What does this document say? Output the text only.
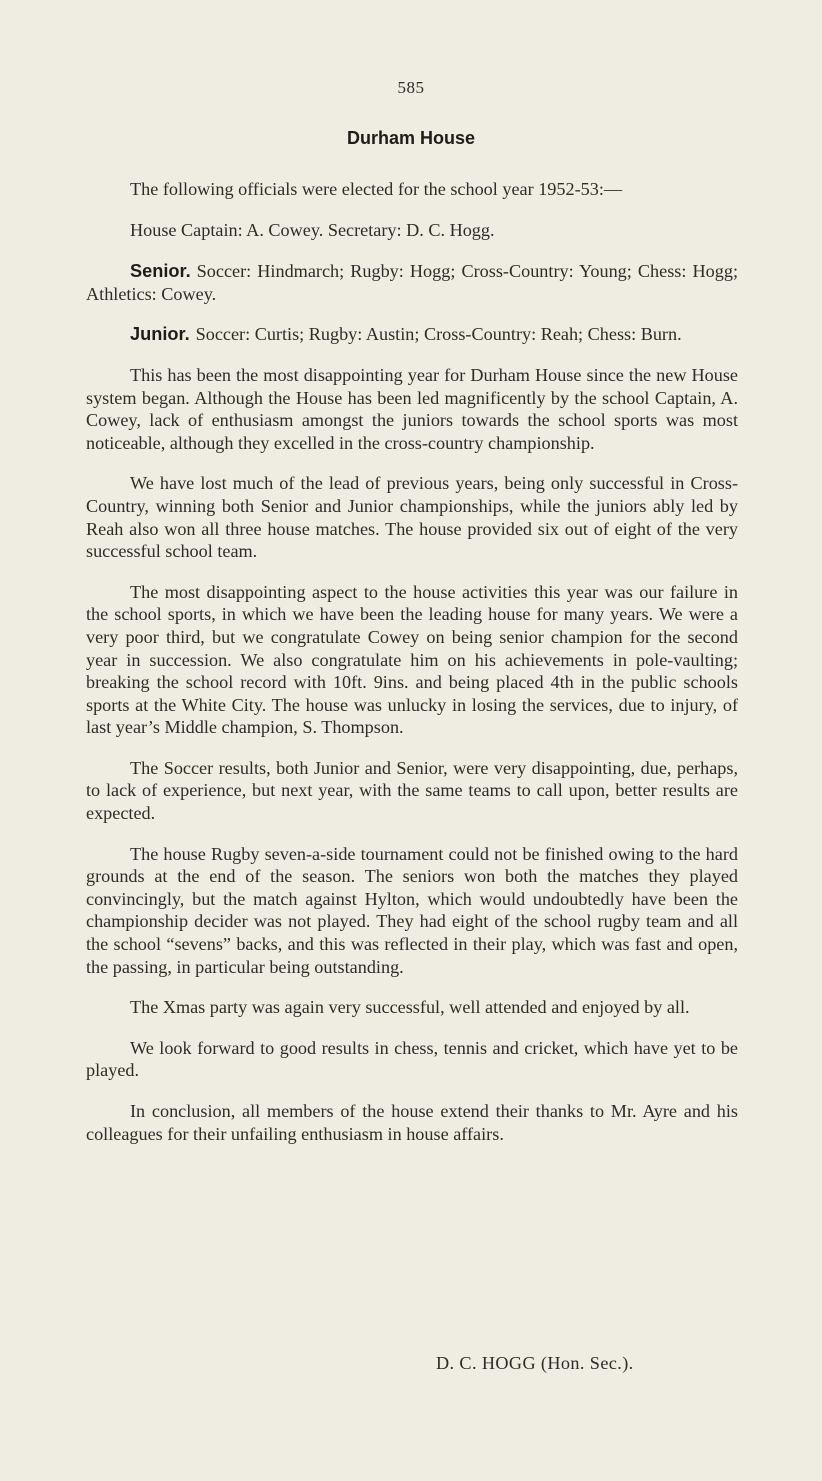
585
Durham House

The following officials were elected for the school year 1952-53:—

House Captain: A. Cowey. Secretary: D. C. Hogg.

Senior. Soccer: Hindmarch; Rugby: Hogg; Cross-Country: Young; Chess: Hogg; Athletics: Cowey.

Junior. Soccer: Curtis; Rugby: Austin; Cross-Country: Reah; Chess: Burn.

This has been the most disappointing year for Durham House since the new House system began. Although the House has been led magnificently by the school Captain, A. Cowey, lack of enthusiasm amongst the juniors towards the school sports was most noticeable, although they excelled in the cross-country championship.

We have lost much of the lead of previous years, being only successful in Cross-Country, winning both Senior and Junior championships, while the juniors ably led by Reah also won all three house matches. The house provided six out of eight of the very successful school team.

The most disappointing aspect to the house activities this year was our failure in the school sports, in which we have been the leading house for many years. We were a very poor third, but we congratulate Cowey on being senior champion for the second year in succession. We also congratulate him on his achievements in pole-vaulting; breaking the school record with 10ft. 9ins. and being placed 4th in the public schools sports at the White City. The house was unlucky in losing the services, due to injury, of last year’s Middle champion, S. Thompson.

The Soccer results, both Junior and Senior, were very disappointing, due, perhaps, to lack of experience, but next year, with the same teams to call upon, better results are expected.

The house Rugby seven-a-side tournament could not be finished owing to the hard grounds at the end of the season. The seniors won both the matches they played convincingly, but the match against Hylton, which would undoubtedly have been the championship decider was not played. They had eight of the school rugby team and all the school “sevens” backs, and this was reflected in their play, which was fast and open, the passing, in particular being outstanding.

The Xmas party was again very successful, well attended and enjoyed by all.

We look forward to good results in chess, tennis and cricket, which have yet to be played.

In conclusion, all members of the house extend their thanks to Mr. Ayre and his colleagues for their unfailing enthusiasm in house affairs.

D. C. HOGG (Hon. Sec.).
